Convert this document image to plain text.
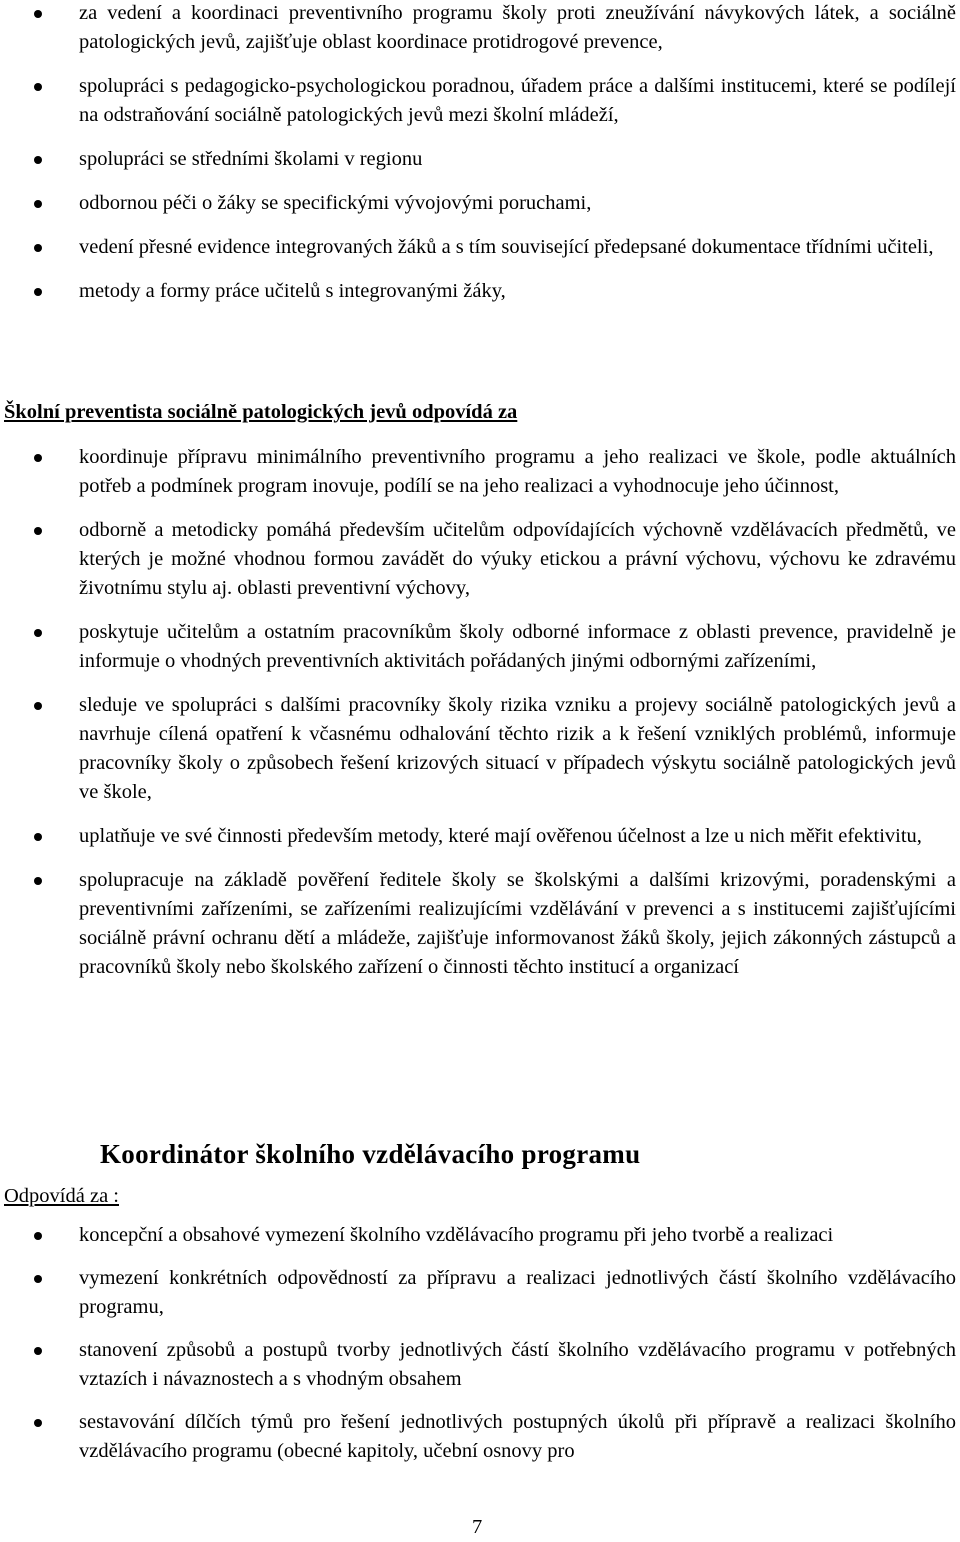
za vedení a koordinaci preventivního programu školy proti zneužívání návykových látek, a sociálně patologických jevů, zajišťuje oblast koordinace protidrogové prevence,
spolupráci s pedagogicko-psychologickou poradnou, úřadem práce a dalšími institucemi, které se podílejí na odstraňování sociálně patologických jevů mezi školní mládeží,
spolupráci se středními školami v regionu
odbornou péči o žáky se specifickými vývojovými poruchami,
vedení přesné evidence integrovaných žáků a s tím související předepsané dokumentace třídními učiteli,
metody a formy práce učitelů s integrovanými žáky,
Školní preventista sociálně patologických jevů odpovídá za
koordinuje přípravu minimálního preventivního programu a jeho realizaci ve škole, podle aktuálních potřeb a podmínek program inovuje, podílí se na jeho realizaci a vyhodnocuje jeho účinnost,
odborně a metodicky pomáhá především učitelům odpovídajících výchovně vzdělávacích předmětů, ve kterých je možné vhodnou formou zavádět do výuky etickou a právní výchovu, výchovu ke zdravému životnímu stylu aj. oblasti preventivní výchovy,
poskytuje učitelům a ostatním pracovníkům školy odborné informace z oblasti prevence, pravidelně je informuje o vhodných preventivních aktivitách pořádaných jinými odbornými zařízeními,
sleduje ve spolupráci s dalšími pracovníky školy rizika vzniku a projevy sociálně patologických jevů a navrhuje cílená opatření k včasnému odhalování těchto rizik a k řešení vzniklých problémů, informuje pracovníky školy o způsobech řešení krizových situací v případech výskytu sociálně patologických jevů ve škole,
uplatňuje ve své činnosti především metody, které mají ověřenou účelnost a lze u nich měřit efektivitu,
spolupracuje na základě pověření ředitele školy se školskými a dalšími krizovými, poradenskými a preventivními zařízeními, se zařízeními realizujícími vzdělávání v prevenci a s institucemi zajišťujícími sociálně právní ochranu dětí a mládeže, zajišťuje informovanost žáků školy, jejich zákonných zástupců a pracovníků školy nebo školského zařízení o činnosti těchto institucí a organizací
Koordinátor školního vzdělávacího programu
Odpovídá za :
koncepční a obsahové vymezení školního vzdělávacího programu při jeho tvorbě a realizaci
vymezení konkrétních odpovědností za přípravu a realizaci jednotlivých částí školního vzdělávacího programu,
stanovení způsobů a postupů tvorby jednotlivých částí školního vzdělávacího programu v potřebných vztazích i návaznostech a s vhodným obsahem
sestavování dílčích týmů pro řešení jednotlivých postupných úkolů při přípravě a realizaci školního vzdělávacího programu (obecné kapitoly, učební osnovy pro
7
